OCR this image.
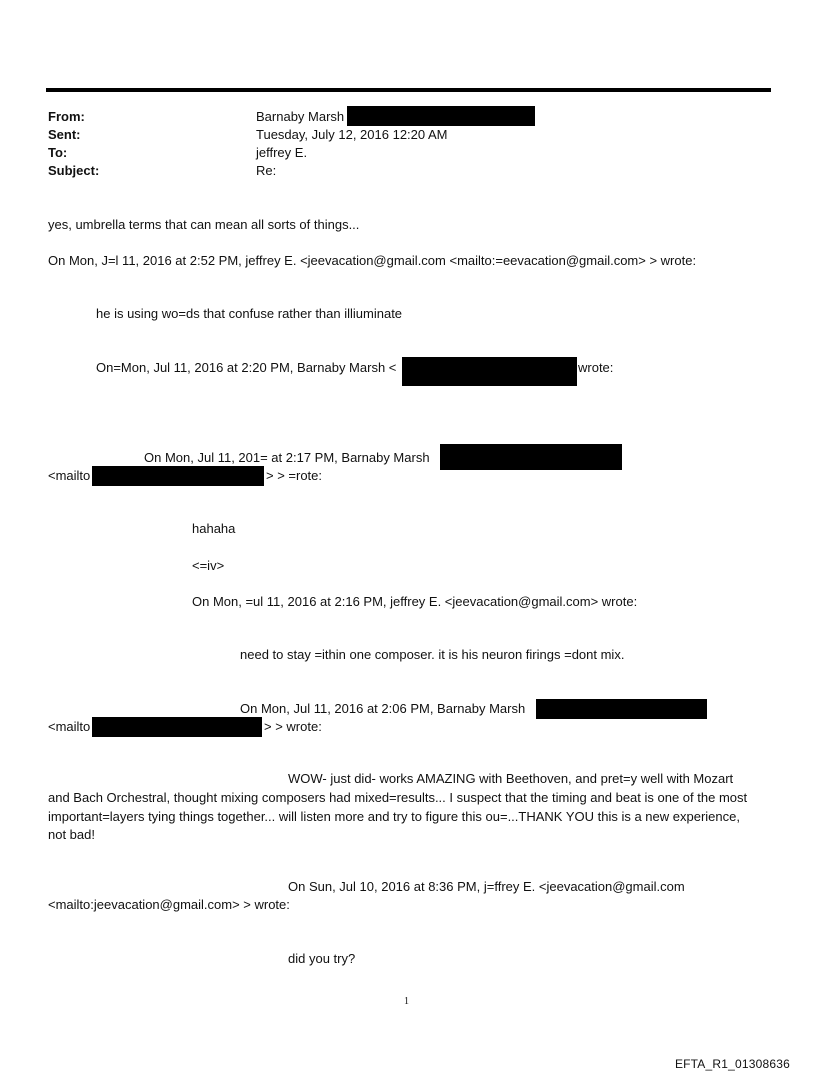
From:	Barnaby Marsh
Sent:	Tuesday, July 12, 2016 12:20 AM
To:	jeffrey E.
Subject:	Re:
yes, umbrella terms that can mean all sorts of things...
On Mon, J=l 11, 2016 at 2:52 PM, jeffrey E. <jeevacation@gmail.com <mailto:=eevacation@gmail.com> > wrote:
he is using wo=ds that confuse rather than illiuminate
On=Mon, Jul 11, 2016 at 2:20 PM, Barnaby Marsh <	wrote:
On Mon, Jul 11, 201= at 2:17 PM, Barnaby Marsh
<mailto	> > =rote:
hahaha
<=iv>
On Mon, =ul 11, 2016 at 2:16 PM, jeffrey E. <jeevacation@gmail.com> wrote:
need to stay =ithin one composer. it is his neuron firings =dont mix.
On Mon, Jul 11, 2016 at 2:06 PM, Barnaby Marsh
<mailto	> > wrote:
WOW- just did- works AMAZING with Beethoven, and pret=y well with Mozart
and Bach Orchestral, thought mixing composers had mixed=results... I suspect that the timing and beat is one of the most important=layers tying things together... will listen more and try to figure this ou=...THANK YOU this is a new experience, not bad!
On Sun, Jul 10, 2016 at 8:36 PM, j=ffrey E. <jeevacation@gmail.com
<mailto:jeevacation@gmail.com> > wrote:
did you try?
1
EFTA_R1_01308636
